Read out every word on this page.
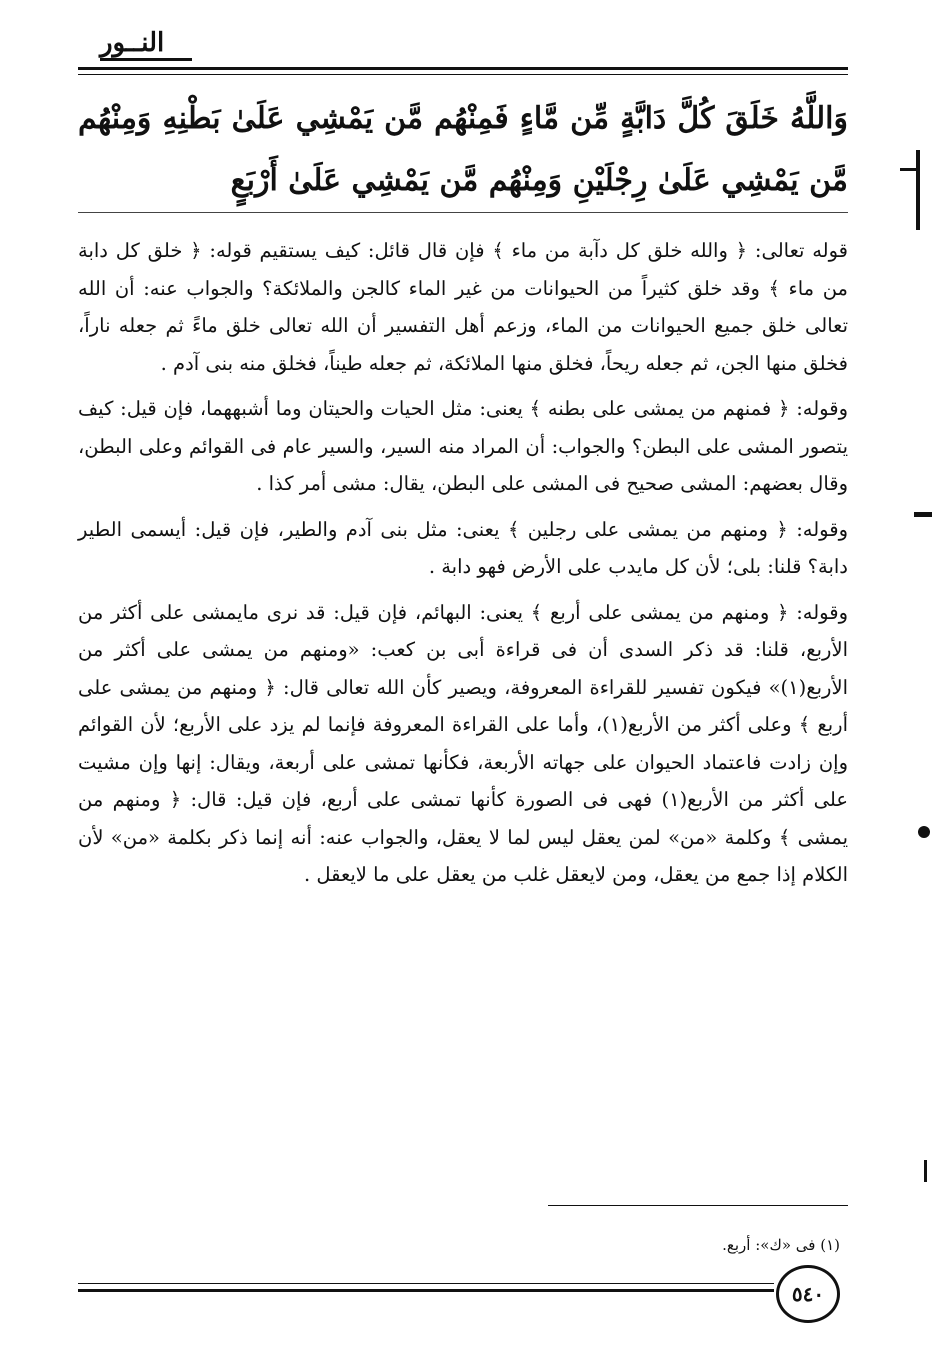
النــور
وَاللَّهُ خَلَقَ كُلَّ دَابَّةٍ مِّن مَّاءٍ فَمِنْهُم مَّن يَمْشِي عَلَىٰ بَطْنِهِ وَمِنْهُم مَّن يَمْشِي عَلَىٰ رِجْلَيْنِ وَمِنْهُم مَّن يَمْشِي عَلَىٰ أَرْبَعٍ

قوله تعالى: ﴿ والله خلق كل دآبة من ماء ﴾ فإن قال قائل: كيف يستقيم قوله: ﴿ خلق كل دابة من ماء ﴾ وقد خلق كثيراً من الحيوانات من غير الماء كالجن والملائكة؟ والجواب عنه: أن الله تعالى خلق جميع الحيوانات من الماء، وزعم أهل التفسير أن الله تعالى خلق ماءً ثم جعله ناراً، فخلق منها الجن، ثم جعله ريحاً، فخلق منها الملائكة، ثم جعله طيناً، فخلق منه بنى آدم .

وقوله: ﴿ فمنهم من يمشى على بطنه ﴾ يعنى: مثل الحيات والحيتان وما أشبههما، فإن قيل: كيف يتصور المشى على البطن؟ والجواب: أن المراد منه السير، والسير عام فى القوائم وعلى البطن، وقال بعضهم: المشى صحيح فى المشى على البطن، يقال: مشى أمر كذا .

وقوله: ﴿ ومنهم من يمشى على رجلين ﴾ يعنى: مثل بنى آدم والطير، فإن قيل: أيسمى الطير دابة؟ قلنا: بلى؛ لأن كل مايدب على الأرض فهو دابة .

وقوله: ﴿ ومنهم من يمشى على أربع ﴾ يعنى: البهائم، فإن قيل: قد نرى مايمشى على أكثر من الأربع، قلنا: قد ذكر السدى أن فى قراءة أبى بن كعب: «ومنهم من يمشى على أكثر من الأربع(١)» فيكون تفسير للقراءة المعروفة، ويصير كأن الله تعالى قال: ﴿ ومنهم من يمشى على أربع ﴾ وعلى أكثر من الأربع(١)، وأما على القراءة المعروفة فإنما لم يزد على الأربع؛ لأن القوائم وإن زادت فاعتماد الحيوان على جهاته الأربعة، فكأنها تمشى على أربعة، ويقال: إنها وإن مشيت على أكثر من الأربع(١) فهى فى الصورة كأنها تمشى على أربع، فإن قيل: قال: ﴿ ومنهم من يمشى ﴾ وكلمة «من» لمن يعقل ليس لما لا يعقل، والجواب عنه: أنه إنما ذكر بكلمة «من» لأن الكلام إذا جمع من يعقل، ومن لايعقل غلب من يعقل على ما لايعقل .

(١) فى «ك»: أربع.
٥٤٠
